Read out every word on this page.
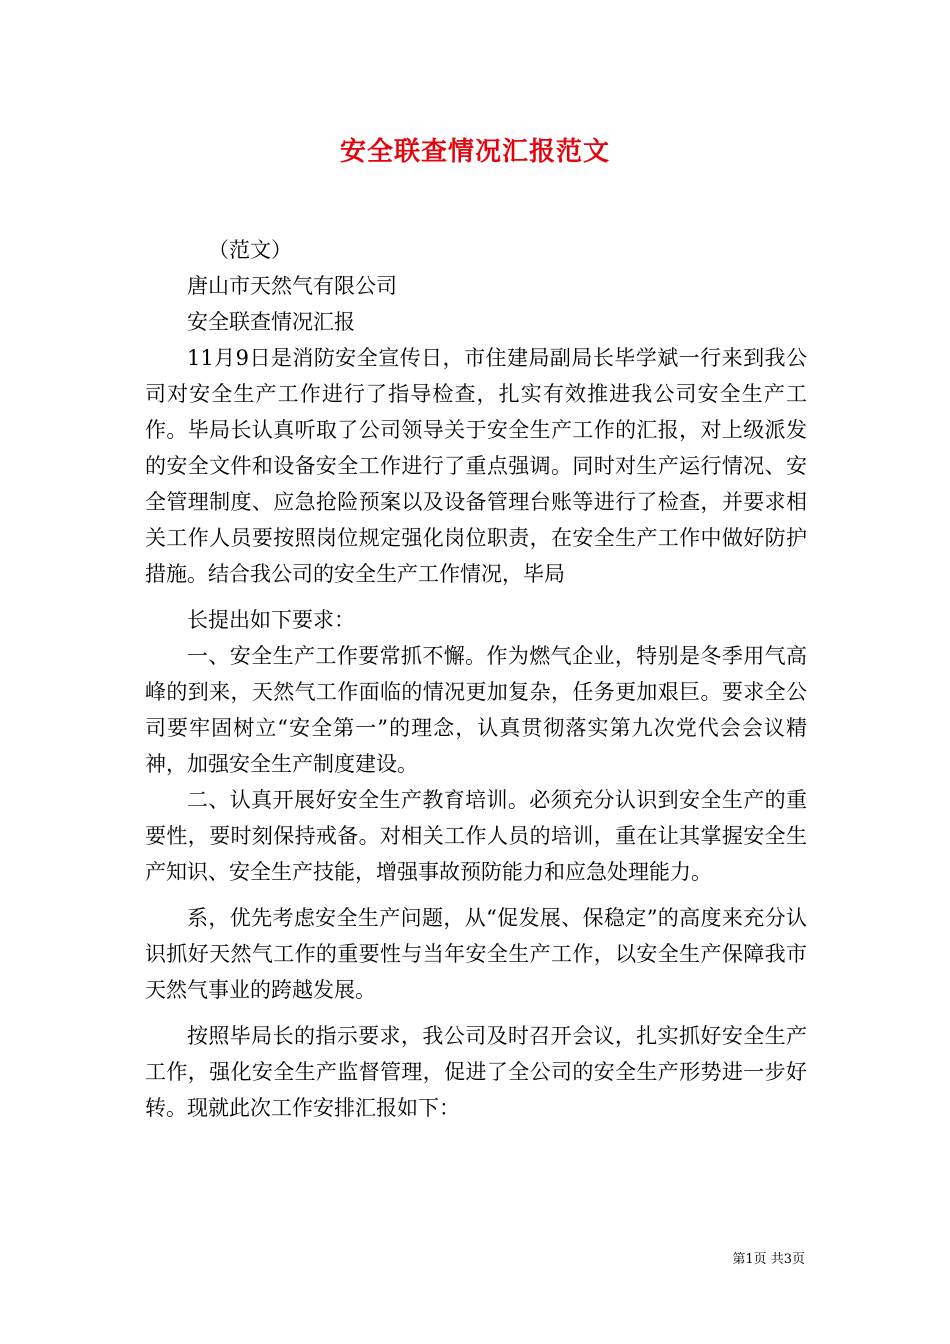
安全联查情况汇报范文

（范文）

唐山市天然气有限公司

安全联查情况汇报

11月9日是消防安全宣传日，市住建局副局长毕学斌一行来到我公司对安全生产工作进行了指导检查，扎实有效推进我公司安全生产工作。毕局长认真听取了公司领导关于安全生产工作的汇报，对上级派发的安全文件和设备安全工作进行了重点强调。同时对生产运行情况、安全管理制度、应急抢险预案以及设备管理台账等进行了检查，并要求相关工作人员要按照岗位规定强化岗位职责，在安全生产工作中做好防护措施。结合我公司的安全生产工作情况，毕局

长提出如下要求：

一、安全生产工作要常抓不懈。作为燃气企业，特别是冬季用气高峰的到来，天然气工作面临的情况更加复杂，任务更加艰巨。要求全公司要牢固树立“安全第一”的理念，认真贯彻落实第九次党代会会议精神，加强安全生产制度建设。

二、认真开展好安全生产教育培训。必须充分认识到安全生产的重要性，要时刻保持戒备。对相关工作人员的培训，重在让其掌握安全生产知识、安全生产技能，增强事故预防能力和应急处理能力。

系，优先考虑安全生产问题，从“促发展、保稳定”的高度来充分认识抓好天然气工作的重要性与当年安全生产工作，以安全生产保障我市天然气事业的跨越发展。

按照毕局长的指示要求，我公司及时召开会议，扎实抓好安全生产工作，强化安全生产监督管理，促进了全公司的安全生产形势进一步好转。现就此次工作安排汇报如下：

第1页 共3页
